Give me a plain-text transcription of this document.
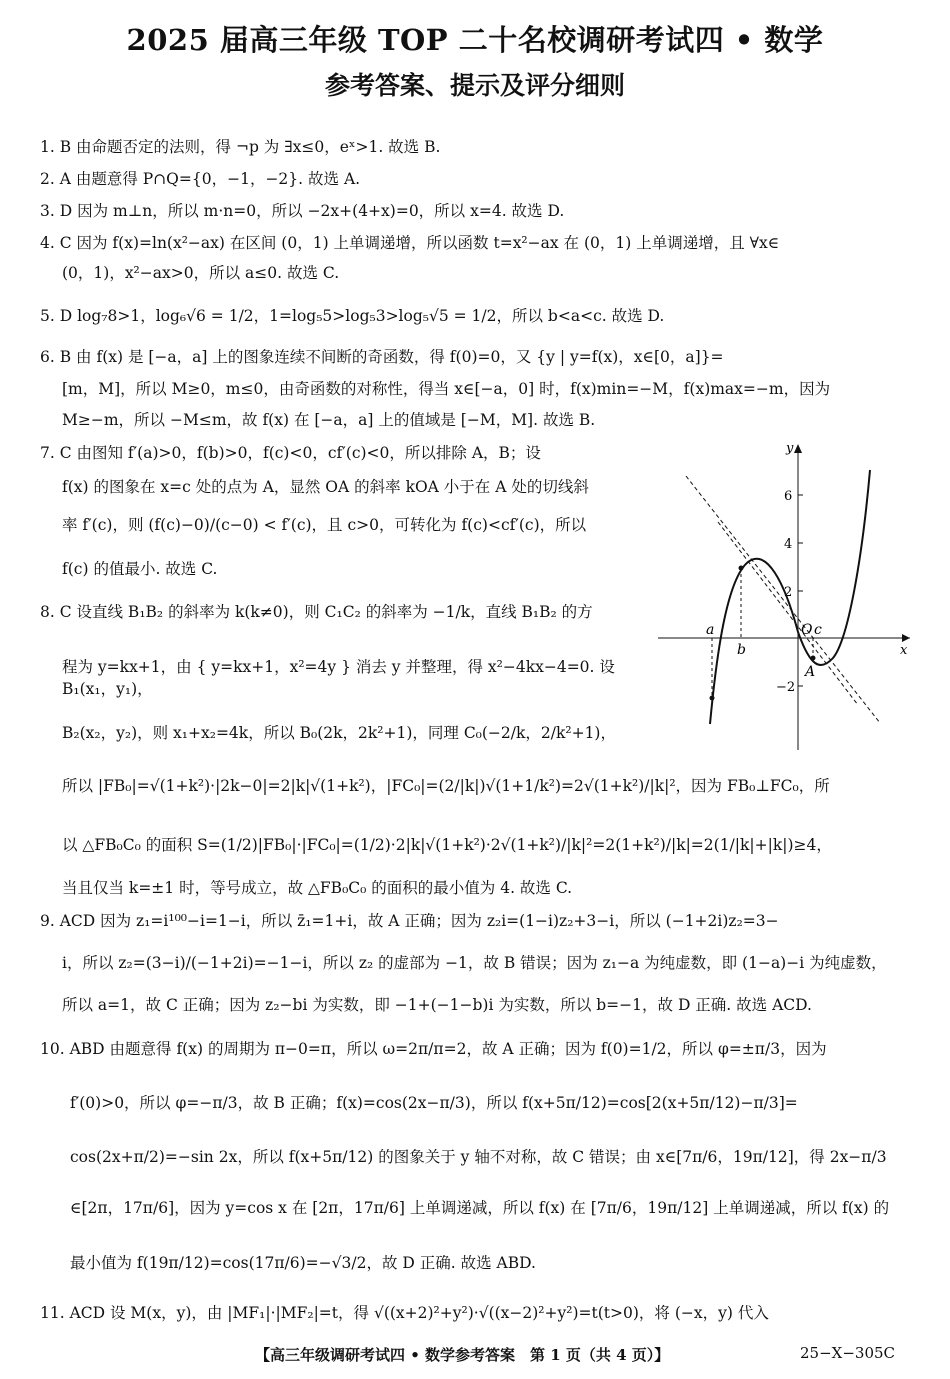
2025 届高三年级 TOP 二十名校调研考试四 • 数学
参考答案、提示及评分细则
1. B 由命题否定的法则，得 ¬p 为 ∃x≤0，eˣ>1. 故选 B.
2. A 由题意得 P∩Q={0，−1，−2}. 故选 A.
3. D 因为 m⊥n，所以 m·n=0，所以 −2x+(4+x)=0，所以 x=4. 故选 D.
4. C 因为 f(x)=ln(x²−ax) 在区间 (0，1) 上单调递增，所以函数 t=x²−ax 在 (0，1) 上单调递增，且 ∀x∈
(0，1)，x²−ax>0，所以 a≤0. 故选 C.
5. D log₇8>1，log₆√6 = 1/2，1=log₅5>log₅3>log₅√5 = 1/2，所以 b<a<c. 故选 D.
6. B 由 f(x) 是 [−a，a] 上的图象连续不间断的奇函数，得 f(0)=0，又 {y | y=f(x)，x∈[0，a]}=
[m，M]，所以 M≥0，m≤0，由奇函数的对称性，得当 x∈[−a，0] 时，f(x)min=−M，f(x)max=−m，因为
M≥−m，所以 −M≤m，故 f(x) 在 [−a，a] 上的值域是 [−M，M]. 故选 B.
7. C 由图知 f′(a)>0，f(b)>0，f(c)<0，cf′(c)<0，所以排除 A，B；设
f(x) 的图象在 x=c 处的点为 A，显然 OA 的斜率 kOA 小于在 A 处的切线斜
率 f′(c)，则 (f(c)−0)/(c−0) < f′(c)，且 c>0，可转化为 f(c)<cf′(c)，所以
f(c) 的值最小. 故选 C.
8. C 设直线 B₁B₂ 的斜率为 k(k≠0)，则 C₁C₂ 的斜率为 −1/k，直线 B₁B₂ 的方
程为 y=kx+1，由 { y=kx+1，x²=4y } 消去 y 并整理，得 x²−4kx−4=0. 设 B₁(x₁，y₁)，
B₂(x₂，y₂)，则 x₁+x₂=4k，所以 B₀(2k，2k²+1)，同理 C₀(−2/k，2/k²+1)，
所以 |FB₀|=√(1+k²)·|2k−0|=2|k|√(1+k²)，|FC₀|=(2/|k|)√(1+1/k²)=2√(1+k²)/|k|²，因为 FB₀⊥FC₀，所
以 △FB₀C₀ 的面积 S=(1/2)|FB₀|·|FC₀|=(1/2)·2|k|√(1+k²)·2√(1+k²)/|k|²=2(1+k²)/|k|=2(1/|k|+|k|)≥4，
当且仅当 k=±1 时，等号成立，故 △FB₀C₀ 的面积的最小值为 4. 故选 C.
9. ACD 因为 z₁=i¹⁰⁰−i=1−i，所以 z̄₁=1+i，故 A 正确；因为 z₂i=(1−i)z₂+3−i，所以 (−1+2i)z₂=3−
i，所以 z₂=(3−i)/(−1+2i)=−1−i，所以 z₂ 的虚部为 −1，故 B 错误；因为 z₁−a 为纯虚数，即 (1−a)−i 为纯虚数，
所以 a=1，故 C 正确；因为 z₂−bi 为实数，即 −1+(−1−b)i 为实数，所以 b=−1，故 D 正确. 故选 ACD.
10. ABD 由题意得 f(x) 的周期为 π−0=π，所以 ω=2π/π=2，故 A 正确；因为 f(0)=1/2，所以 φ=±π/3，因为
f′(0)>0，所以 φ=−π/3，故 B 正确；f(x)=cos(2x−π/3)，所以 f(x+5π/12)=cos[2(x+5π/12)−π/3]=
cos(2x+π/2)=−sin 2x，所以 f(x+5π/12) 的图象关于 y 轴不对称，故 C 错误；由 x∈[7π/6，19π/12]，得 2x−π/3
∈[2π，17π/6]，因为 y=cos x 在 [2π，17π/6] 上单调递减，所以 f(x) 在 [7π/6，19π/12] 上单调递减，所以 f(x) 的
最小值为 f(19π/12)=cos(17π/6)=−√3/2，故 D 正确. 故选 ABD.
11. ACD 设 M(x，y)，由 |MF₁|·|MF₂|=t，得 √((x+2)²+y²)·√((x−2)²+y²)=t(t>0)，将 (−x，y) 代入
x
y
6
4
2
−2
a
b
O c
A
【高三年级调研考试四 • 数学参考答案　第 1 页（共 4 页）】	25−X−305C
